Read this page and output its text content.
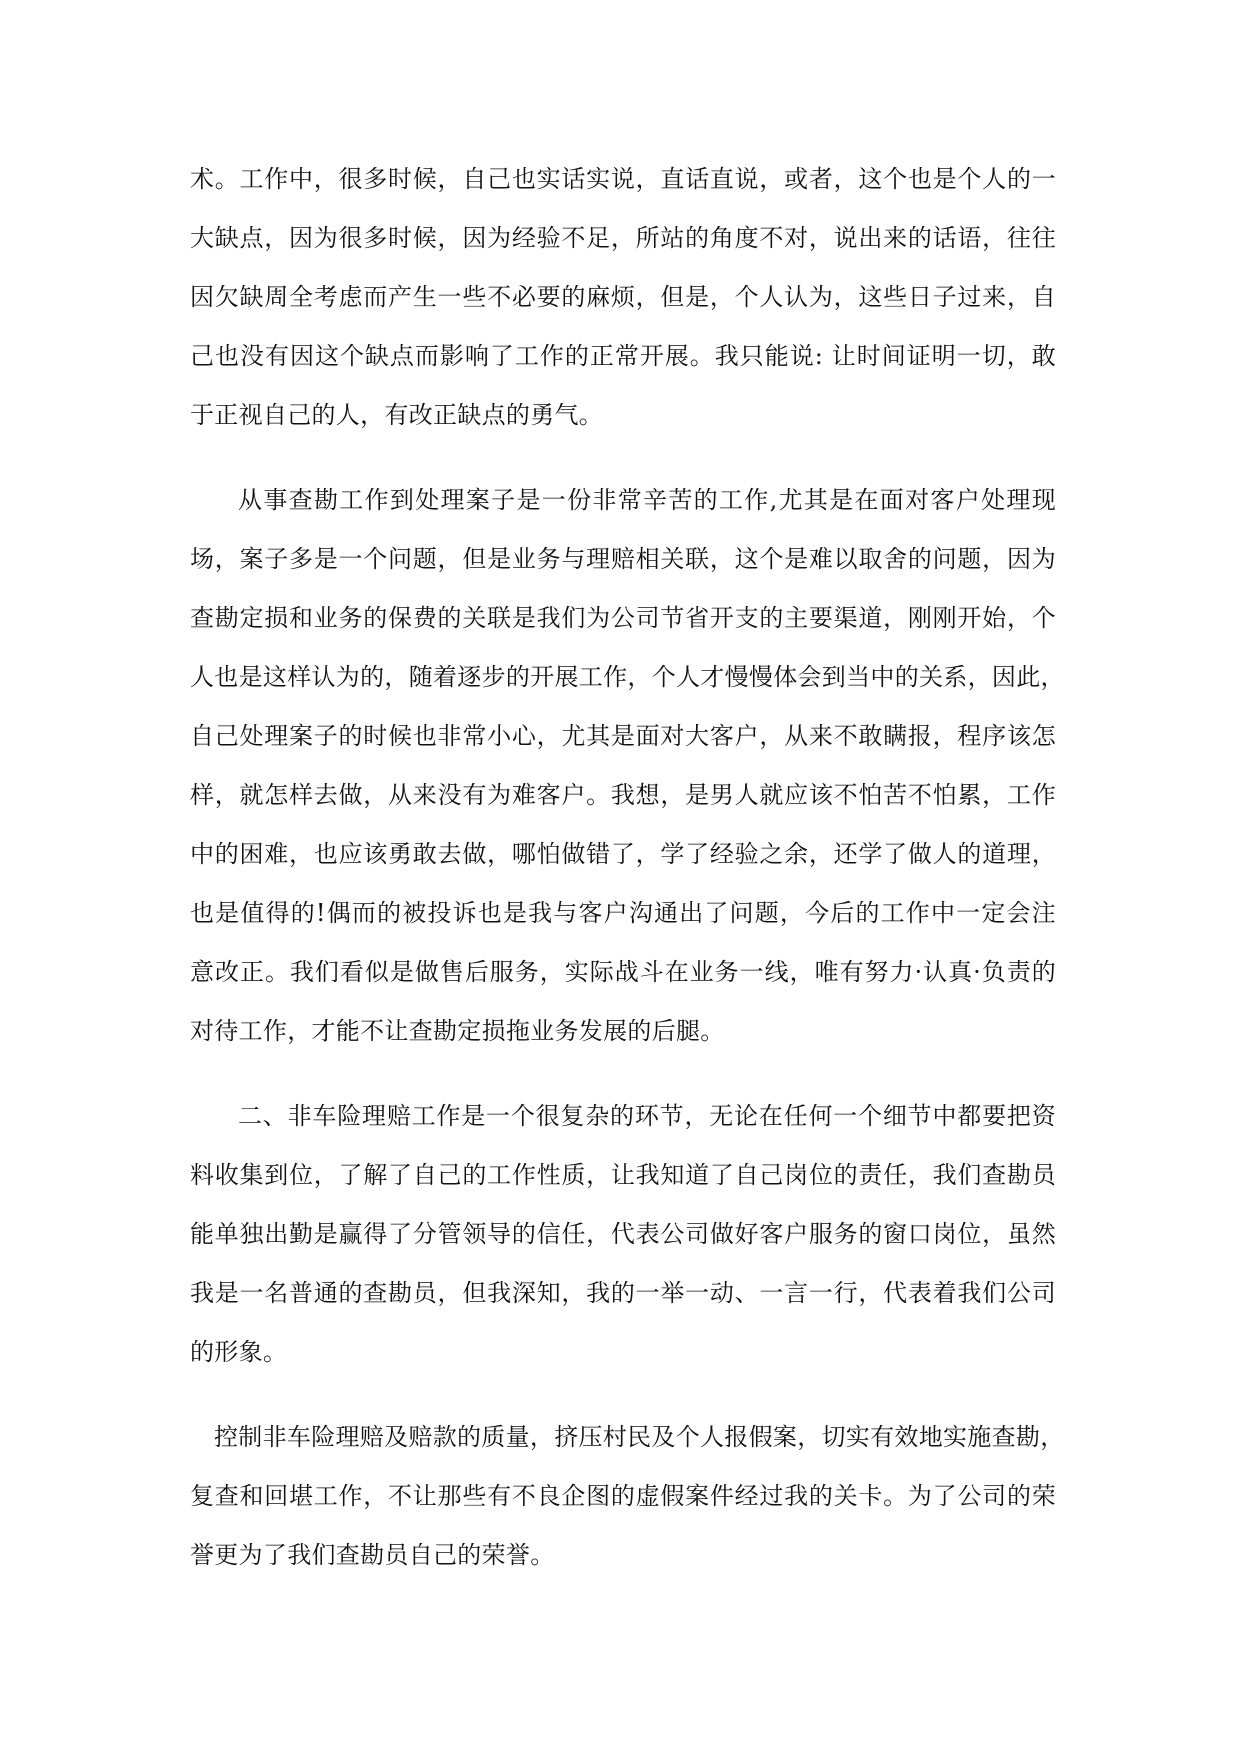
术。工作中，很多时候，自己也实话实说，直话直说，或者，这个也是个人的一
大缺点，因为很多时候，因为经验不足，所站的角度不对，说出来的话语，往往
因欠缺周全考虑而产生一些不必要的麻烦，但是，个人认为，这些日子过来，自
己也没有因这个缺点而影响了工作的正常开展。我只能说: 让时间证明一切，敢
于正视自己的人，有改正缺点的勇气。
从事查勘工作到处理案子是一份非常辛苦的工作,尤其是在面对客户处理现
场，案子多是一个问题，但是业务与理赔相关联，这个是难以取舍的问题，因为
查勘定损和业务的保费的关联是我们为公司节省开支的主要渠道，刚刚开始，个
人也是这样认为的，随着逐步的开展工作，个人才慢慢体会到当中的关系，因此，
自己处理案子的时候也非常小心，尤其是面对大客户，从来不敢瞒报，程序该怎
样，就怎样去做，从来没有为难客户。我想，是男人就应该不怕苦不怕累，工作
中的困难，也应该勇敢去做，哪怕做错了，学了经验之余，还学了做人的道理，
也是值得的!偶而的被投诉也是我与客户沟通出了问题，今后的工作中一定会注
意改正。我们看似是做售后服务，实际战斗在业务一线，唯有努力·认真·负责的
对待工作，才能不让查勘定损拖业务发展的后腿。
二、非车险理赔工作是一个很复杂的环节，无论在任何一个细节中都要把资
料收集到位，了解了自己的工作性质，让我知道了自己岗位的责任，我们查勘员
能单独出勤是赢得了分管领导的信任，代表公司做好客户服务的窗口岗位，虽然
我是一名普通的查勘员，但我深知，我的一举一动、一言一行，代表着我们公司
的形象。
控制非车险理赔及赔款的质量，挤压村民及个人报假案，切实有效地实施查勘，
复查和回堪工作，不让那些有不良企图的虚假案件经过我的关卡。为了公司的荣
誉更为了我们查勘员自己的荣誉。
